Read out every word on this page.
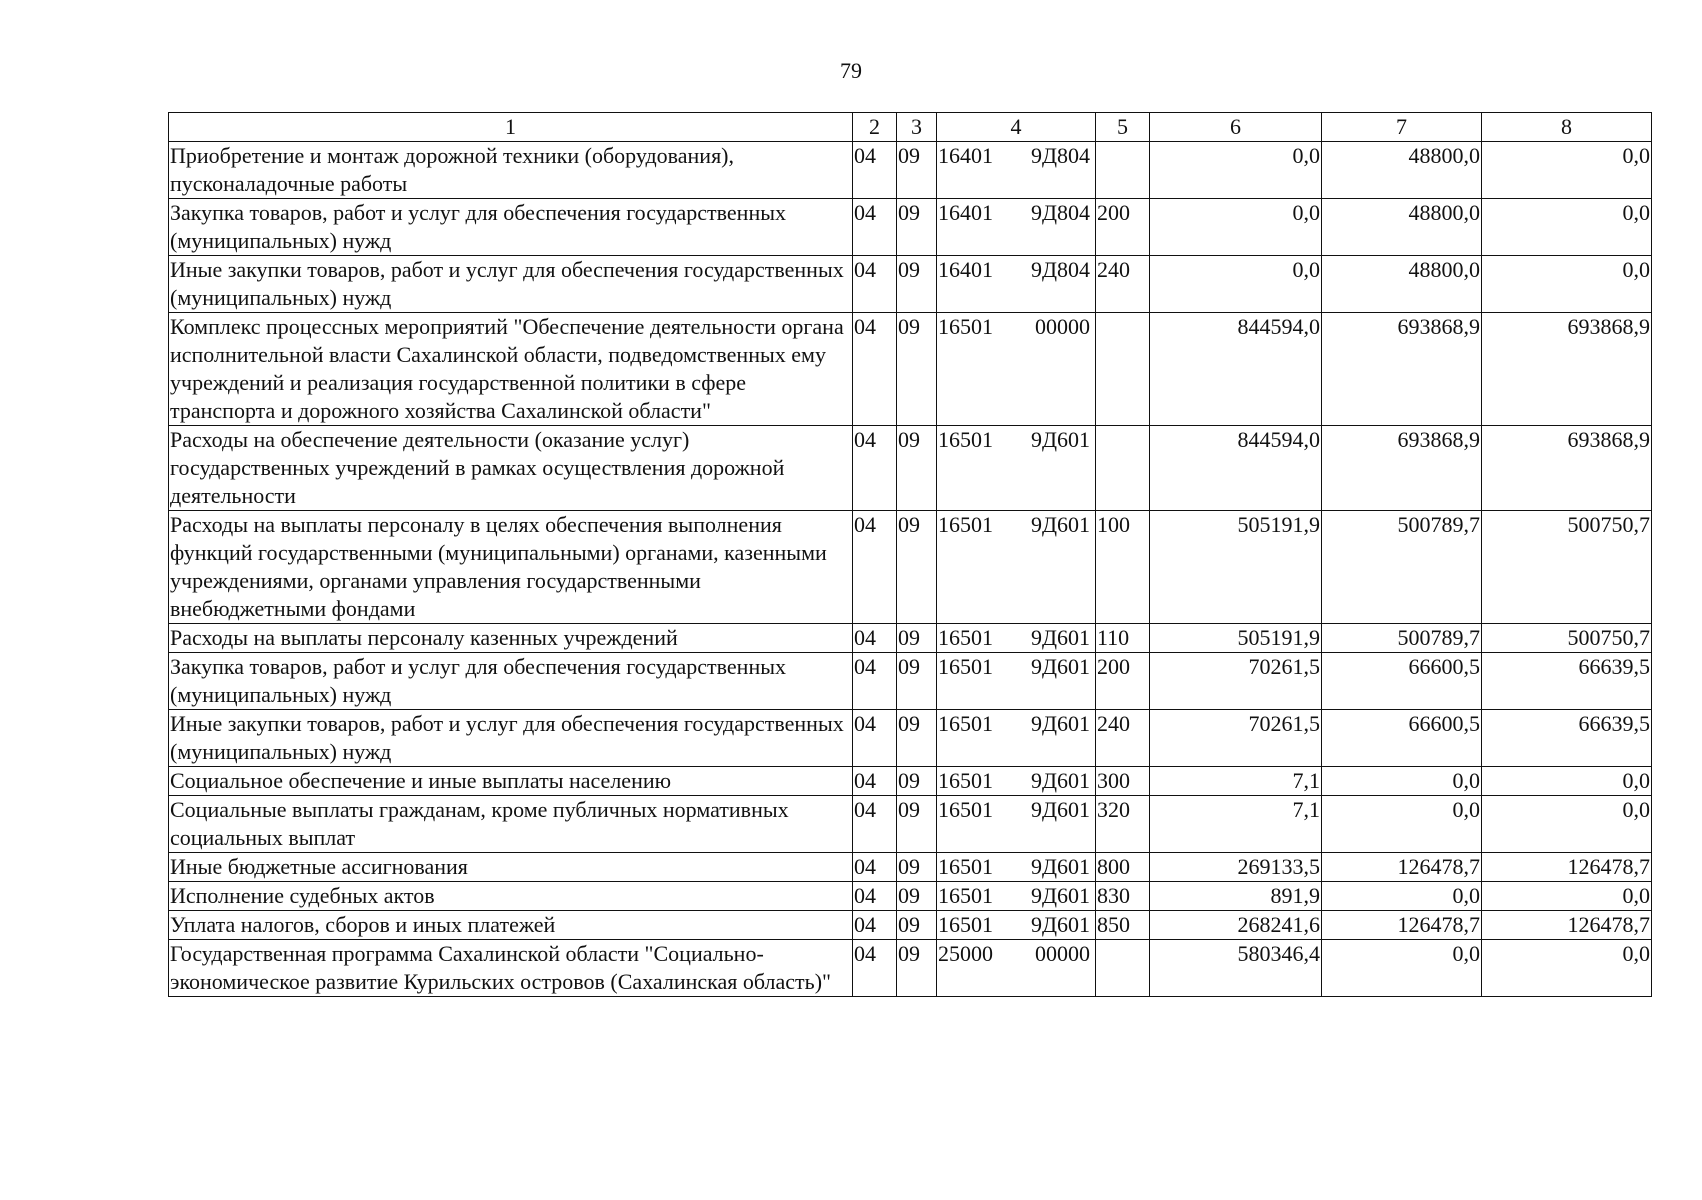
79
1	2	3	4	5	6	7	8
Приобретение и монтаж дорожной техники (оборудования), пусконаладочные работы	04	09	16401 9Д804		0,0	48800,0	0,0
Закупка товаров, работ и услуг для обеспечения государственных (муниципальных) нужд	04	09	16401 9Д804	200	0,0	48800,0	0,0
Иные закупки товаров, работ и услуг для обеспечения государственных (муниципальных) нужд	04	09	16401 9Д804	240	0,0	48800,0	0,0
Комплекс процессных мероприятий "Обеспечение деятельности органа исполнительной власти Сахалинской области, подведомственных ему учреждений и реализация государственной политики в сфере транспорта и дорожного хозяйства Сахалинской области"	04	09	16501 00000		844594,0	693868,9	693868,9
Расходы на обеспечение деятельности (оказание услуг) государственных учреждений в рамках осуществления дорожной деятельности	04	09	16501 9Д601		844594,0	693868,9	693868,9
Расходы на выплаты персоналу в целях обеспечения выполнения функций государственными (муниципальными) органами, казенными учреждениями, органами управления государственными внебюджетными фондами	04	09	16501 9Д601	100	505191,9	500789,7	500750,7
Расходы на выплаты персоналу казенных учреждений	04	09	16501 9Д601	110	505191,9	500789,7	500750,7
Закупка товаров, работ и услуг для обеспечения государственных (муниципальных) нужд	04	09	16501 9Д601	200	70261,5	66600,5	66639,5
Иные закупки товаров, работ и услуг для обеспечения государственных (муниципальных) нужд	04	09	16501 9Д601	240	70261,5	66600,5	66639,5
Социальное обеспечение и иные выплаты населению	04	09	16501 9Д601	300	7,1	0,0	0,0
Социальные выплаты гражданам, кроме публичных нормативных социальных выплат	04	09	16501 9Д601	320	7,1	0,0	0,0
Иные бюджетные ассигнования	04	09	16501 9Д601	800	269133,5	126478,7	126478,7
Исполнение судебных актов	04	09	16501 9Д601	830	891,9	0,0	0,0
Уплата налогов, сборов и иных платежей	04	09	16501 9Д601	850	268241,6	126478,7	126478,7
Государственная программа Сахалинской области "Социально-экономическое развитие Курильских островов (Сахалинская область)"	04	09	25000 00000		580346,4	0,0	0,0
